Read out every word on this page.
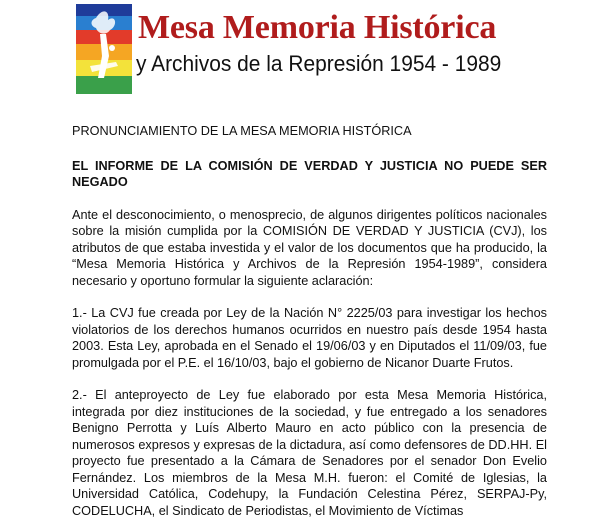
Mesa Memoria Histórica
y Archivos de la Represión 1954 - 1989

PRONUNCIAMIENTO DE LA MESA MEMORIA HISTÓRICA

EL INFORME DE LA COMISIÓN DE VERDAD Y JUSTICIA NO PUEDE SER NEGADO

Ante el desconocimiento, o menosprecio, de algunos dirigentes políticos nacionales sobre la misión cumplida por la COMISIÓN DE VERDAD Y JUSTICIA (CVJ), los atributos de que estaba investida y el valor de los documentos que ha producido, la “Mesa Memoria Histórica y Archivos de la Represión 1954-1989”, considera necesario y oportuno formular la siguiente aclaración:

1.- La CVJ fue creada por Ley de la Nación N° 2225/03 para investigar los hechos violatorios de los derechos humanos ocurridos en nuestro país desde 1954 hasta 2003. Esta Ley, aprobada en el Senado el 19/06/03 y en Diputados el 11/09/03, fue promulgada por el P.E. el 16/10/03, bajo el gobierno de Nicanor Duarte Frutos.

2.- El anteproyecto de Ley fue elaborado por esta Mesa Memoria Histórica, integrada por diez instituciones de la sociedad, y fue entregado a los senadores Benigno Perrotta y Luís Alberto Mauro en acto público con la presencia de numerosos expresos y expresas de la dictadura, así como defensores de DD.HH. El proyecto fue presentado a la Cámara de Senadores por el senador Don Evelio Fernández. Los miembros de la Mesa M.H. fueron: el Comité de Iglesias, la Universidad Católica, Codehupy, la Fundación Celestina Pérez, SERPAJ-Py, CODELUCHA, el Sindicato de Periodistas, el Movimiento de Víctimas
